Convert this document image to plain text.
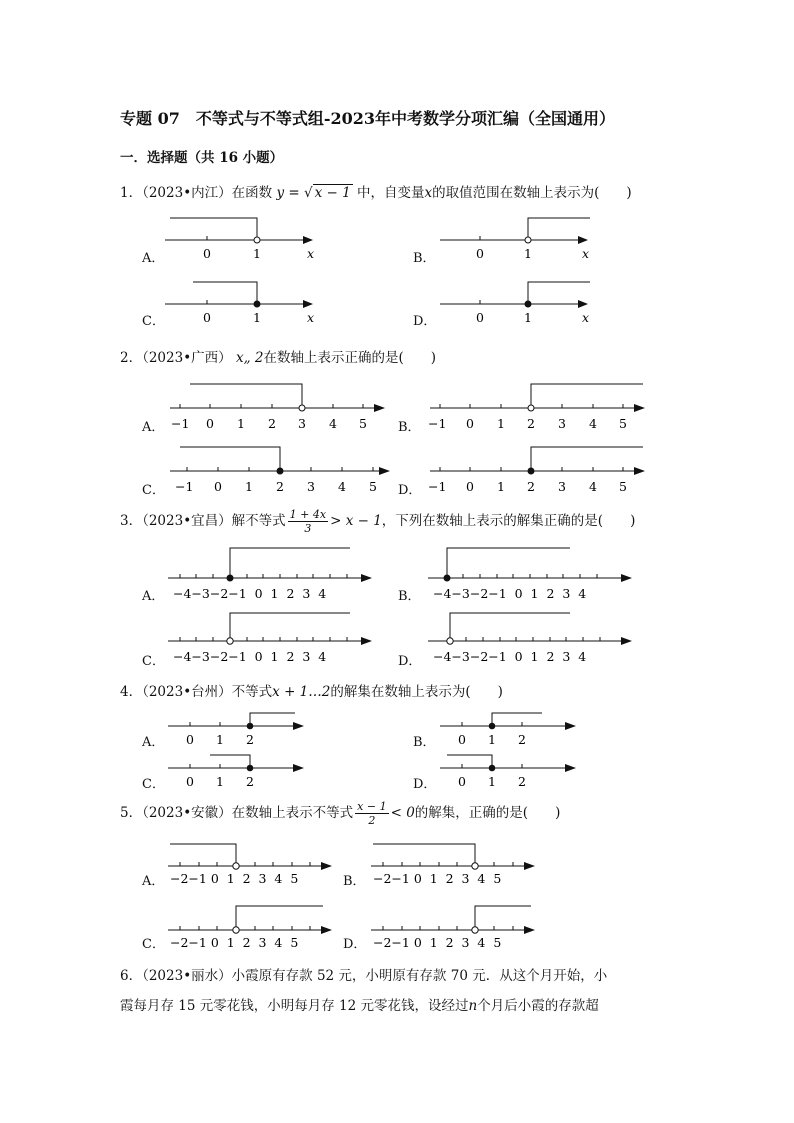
专题 07　不等式与不等式组-2023年中考数学分项汇编（全国通用）
一．选择题（共 16 小题）
1．（2023•内江）在函数 y = √ x − 1 中，自变量x的取值范围在数轴上表示为(　　)
A．	0	1	x	B．	0	1	x
C．	0	1	x	D．	0	1	x
2．（2023•广西） x„ 2在数轴上表示正确的是(　　)
A． −1 0 1 2 3 4 5 B． −1 0 1 2 3 4 5
C． −1 0 1 2 3 4 5 D． −1 0 1 2 3 4 5
3．（2023•宜昌）解不等式 $\frac{1 + 4x}{3} > x - 1$，下列在数轴上表示的解集正确的是(　　)
A． −4−3−2−1  0  1  2  3  4	B． −4−3−2−1  0  1  2  3  4
C． −4−3−2−1  0  1  2  3  4	D． −4−3−2−1  0  1  2  3  4
4．（2023•台州）不等式x + 1…2的解集在数轴上表示为(　　)
A． 0 1 2	B． 0 1 2
C． 0 1 2	D． 0 1 2
5．（2023•安徽）在数轴上表示不等式 $\frac{x - 1}{2} < 0$的解集，正确的是(　　)
A． −2−1 0  1  2  3  4  5	B． −2−1 0  1  2  3  4  5
C． −2−1 0  1  2  3  4  5	D． −2−1 0  1  2  3  4  5
6．（2023•丽水）小霞原有存款 52 元，小明原有存款 70 元．从这个月开始，小
霞每月存 15 元零花钱，小明每月存 12 元零花钱，设经过n个月后小霞的存款超
